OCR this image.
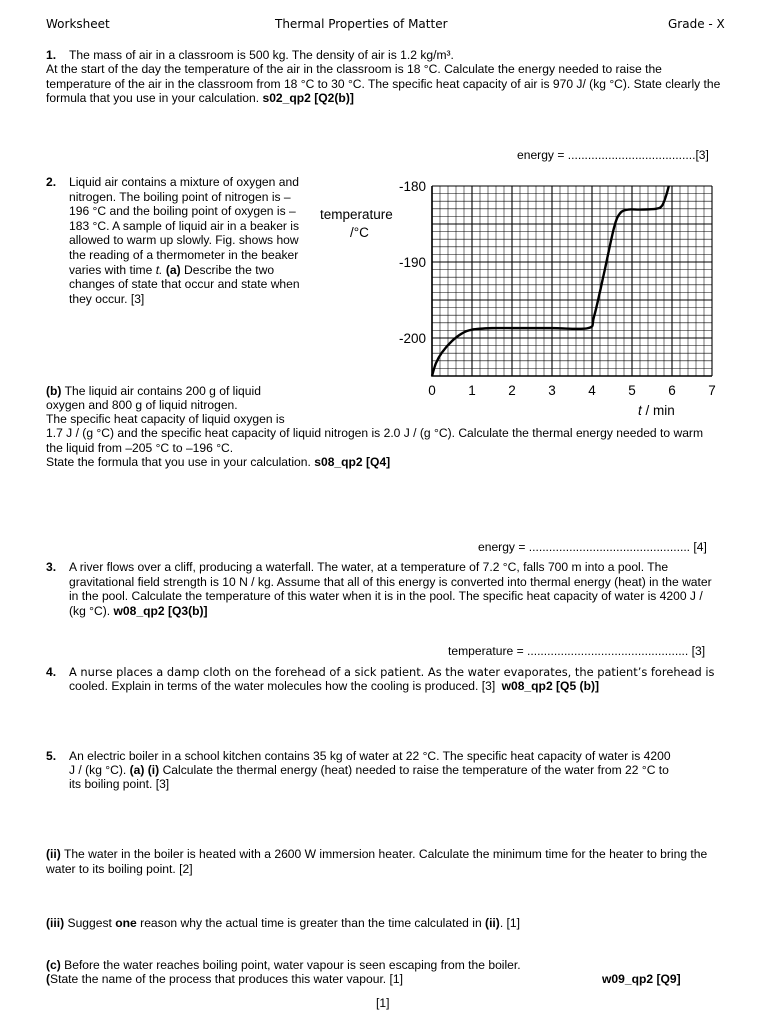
Worksheet	Thermal Properties of Matter	Grade - X
1. The mass of air in a classroom is 500 kg. The density of air is 1.2 kg/m³.
At the start of the day the temperature of the air in the classroom is 18 °C. Calculate the energy needed to raise the temperature of the air in the classroom from 18 °C to 30 °C. The specific heat capacity of air is 970 J/ (kg °C). State clearly the formula that you use in your calculation. s02_qp2 [Q2(b)]
energy = ......................................[3]
2. Liquid air contains a mixture of oxygen and nitrogen. The boiling point of nitrogen is –196 °C and the boiling point of oxygen is –183 °C. A sample of liquid air in a beaker is allowed to warm up slowly. Fig. shows how the reading of a thermometer in the beaker varies with time t. (a) Describe the two changes of state that occur and state when they occur. [3]
temperature
/°C
-180
-190
-200
0 1 2 3 4 5 6 7
t / min
(b) The liquid air contains 200 g of liquid
oxygen and 800 g of liquid nitrogen.
The specific heat capacity of liquid oxygen is
1.7 J / (g °C) and the specific heat capacity of liquid nitrogen is 2.0 J / (g °C). Calculate the thermal energy needed to warm the liquid from –205 °C to –196 °C.
State the formula that you use in your calculation. s08_qp2 [Q4]
energy = ................................................ [4]
3. A river flows over a cliff, producing a waterfall. The water, at a temperature of 7.2 °C, falls 700 m into a pool. The gravitational field strength is 10 N / kg. Assume that all of this energy is converted into thermal energy (heat) in the water in the pool. Calculate the temperature of this water when it is in the pool. The specific heat capacity of water is 4200 J / (kg °C). w08_qp2 [Q3(b)]
temperature = ................................................ [3]
4. A nurse places a damp cloth on the forehead of a sick patient. As the water evaporates, the patient’s forehead is
cooled. Explain in terms of the water molecules how the cooling is produced. [3] w08_qp2 [Q5 (b)]
5. An electric boiler in a school kitchen contains 35 kg of water at 22 °C. The specific heat capacity of water is 4200
J / (kg °C). (a) (i) Calculate the thermal energy (heat) needed to raise the temperature of the water from 22 °C to
its boiling point. [3]
(ii) The water in the boiler is heated with a 2600 W immersion heater. Calculate the minimum time for the heater to bring the water to its boiling point. [2]
(iii) Suggest one reason why the actual time is greater than the time calculated in (ii). [1]
(c) Before the water reaches boiling point, water vapour is seen escaping from the boiler.
(State the name of the process that produces this water vapour. [1]	w09_qp2 [Q9]
[1]
